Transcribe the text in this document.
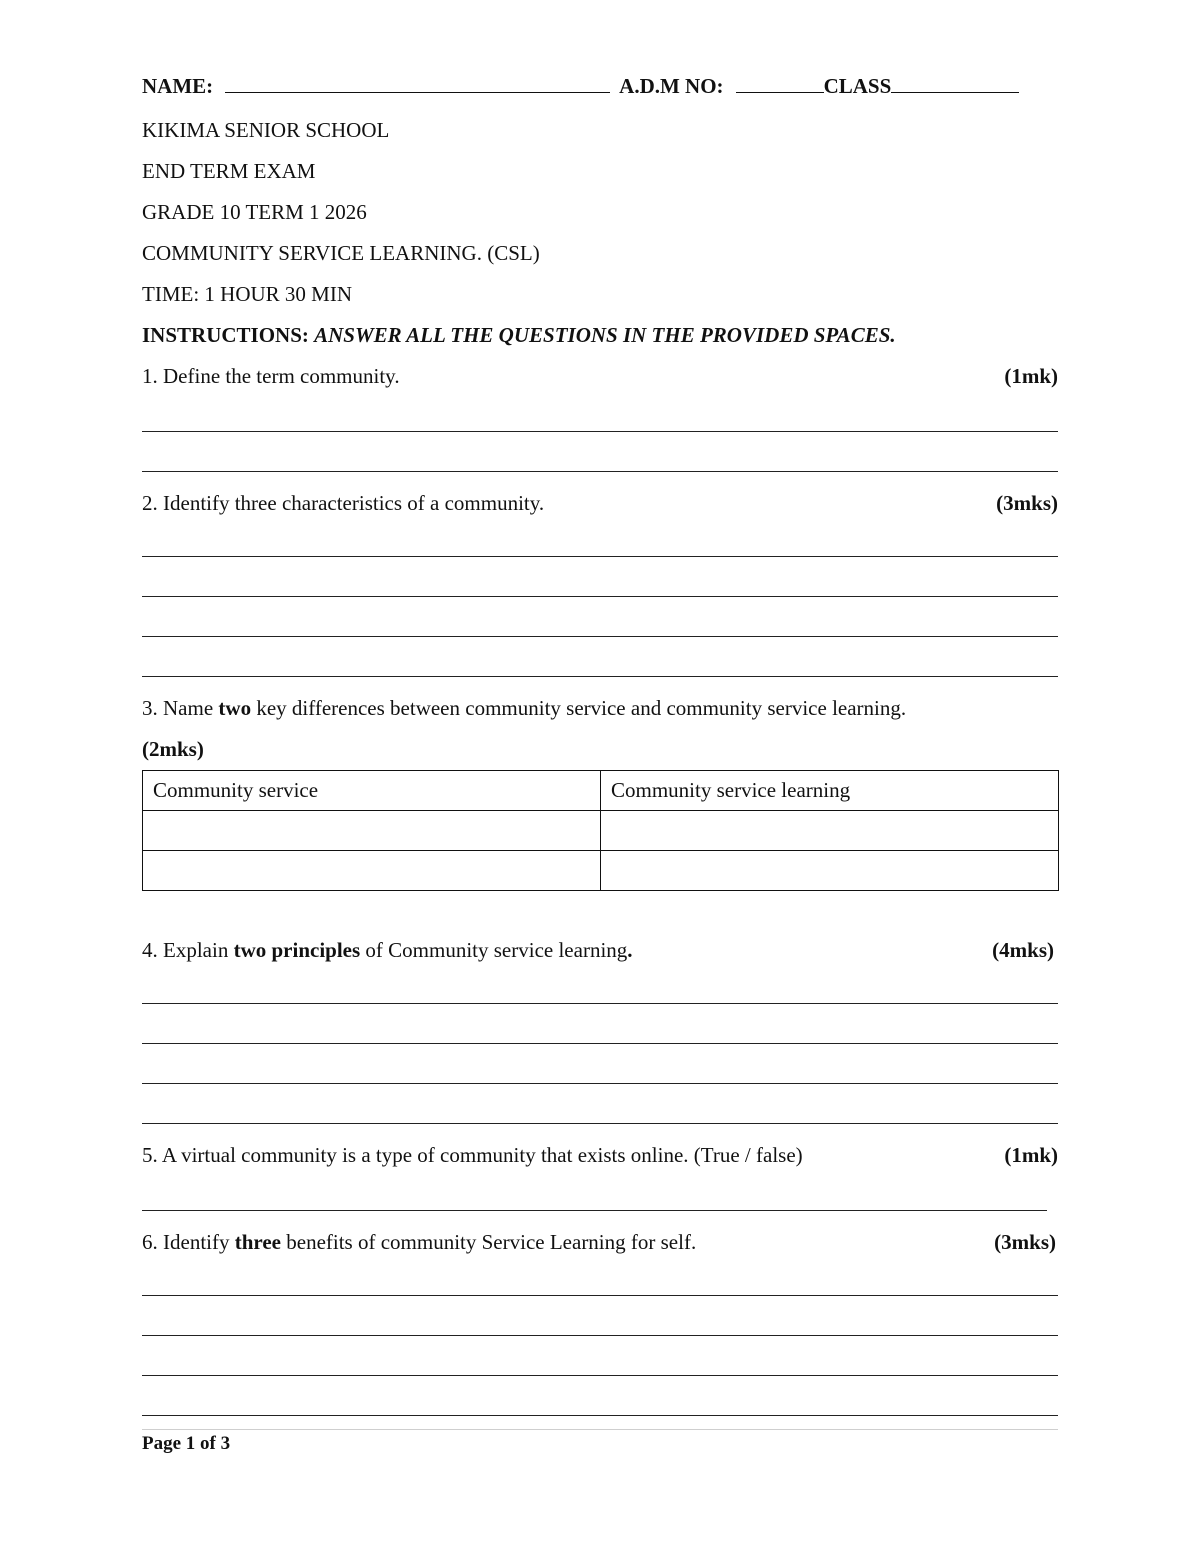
NAME:	A.D.M NO:	CLASS
KIKIMA SENIOR SCHOOL
END TERM EXAM
GRADE 10 TERM 1 2026
COMMUNITY SERVICE LEARNING. (CSL)
TIME: 1 HOUR 30 MIN
INSTRUCTIONS: ANSWER ALL THE QUESTIONS IN THE PROVIDED SPACES.
1. Define the term community.	(1mk)
2. Identify three characteristics of a community.	(3mks)
3. Name two key differences between community service and community service learning.
(2mks)
Community service	Community service learning

4. Explain two principles of Community service learning.	(4mks)
5. A virtual community is a type of community that exists online. (True / false)	(1mk)
6. Identify three benefits of community Service Learning for self.	(3mks)
Page 1 of 3
